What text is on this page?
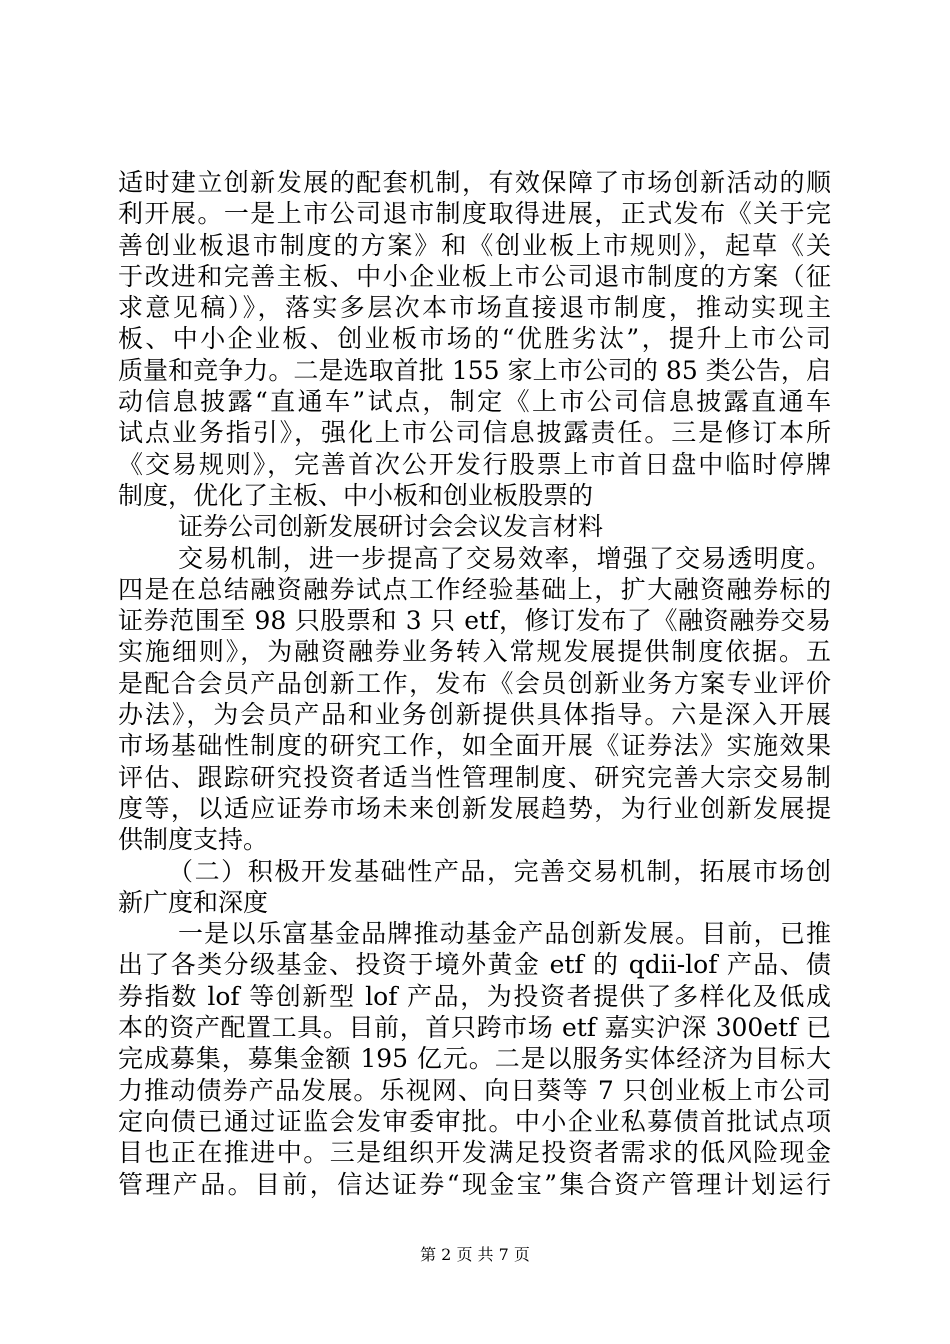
适时建立创新发展的配套机制，有效保障了市场创新活动的顺
利开展。一是上市公司退市制度取得进展，正式发布《关于完
善创业板退市制度的方案》和《创业板上市规则》，起草《关
于改进和完善主板、中小企业板上市公司退市制度的方案（征
求意见稿）》，落实多层次本市场直接退市制度，推动实现主
板、中小企业板、创业板市场的“优胜劣汰”，提升上市公司
质量和竞争力。二是选取首批 155 家上市公司的 85 类公告，启
动信息披露“直通车”试点，制定《上市公司信息披露直通车
试点业务指引》，强化上市公司信息披露责任。三是修订本所
《交易规则》，完善首次公开发行股票上市首日盘中临时停牌
制度，优化了主板、中小板和创业板股票的
证券公司创新发展研讨会会议发言材料
交易机制，进一步提高了交易效率，增强了交易透明度。
四是在总结融资融券试点工作经验基础上，扩大融资融券标的
证券范围至 98 只股票和 3 只 etf，修订发布了《融资融券交易
实施细则》，为融资融券业务转入常规发展提供制度依据。五
是配合会员产品创新工作，发布《会员创新业务方案专业评价
办法》，为会员产品和业务创新提供具体指导。六是深入开展
市场基础性制度的研究工作，如全面开展《证券法》实施效果
评估、跟踪研究投资者适当性管理制度、研究完善大宗交易制
度等，以适应证券市场未来创新发展趋势，为行业创新发展提
供制度支持。
（二）积极开发基础性产品，完善交易机制，拓展市场创
新广度和深度
一是以乐富基金品牌推动基金产品创新发展。目前，已推
出了各类分级基金、投资于境外黄金 etf 的 qdii-lof 产品、债
券指数 lof 等创新型 lof 产品，为投资者提供了多样化及低成
本的资产配置工具。目前，首只跨市场 etf 嘉实沪深 300etf 已
完成募集，募集金额 195 亿元。二是以服务实体经济为目标大
力推动债券产品发展。乐视网、向日葵等 7 只创业板上市公司
定向债已通过证监会发审委审批。中小企业私募债首批试点项
目也正在推进中。三是组织开发满足投资者需求的低风险现金
管理产品。目前，信达证券“现金宝”集合资产管理计划运行
第 2 页 共 7 页
